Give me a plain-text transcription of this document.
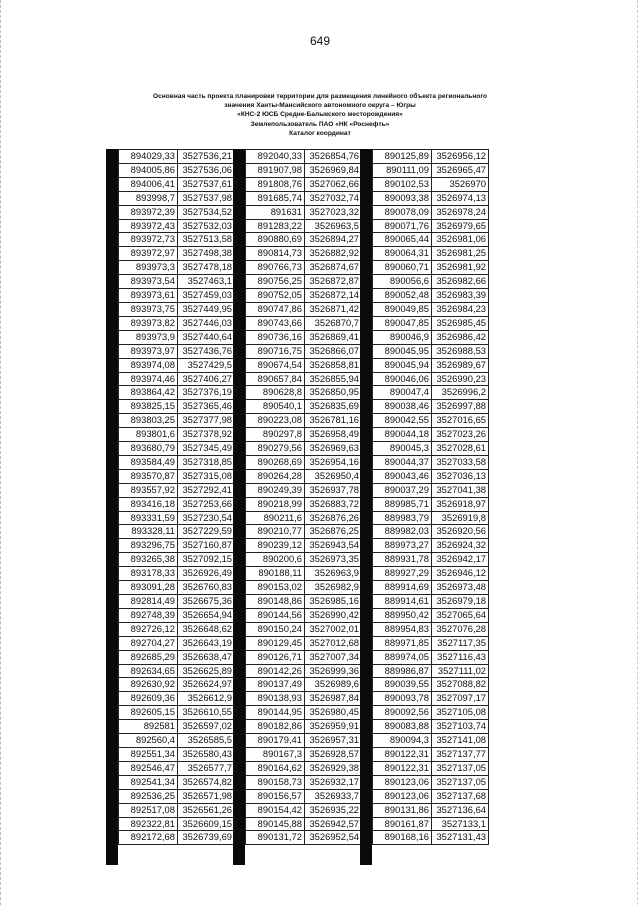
649
Основная часть проекта планировки территории для размещения линейного объекта регионального
значения Ханты-Мансийского автономного округа – Югры
«КНС-2 ЮСБ Средне-Балыкского месторождения»
Землепользователь ПАО «НК «Роснефть»
Каталог координат
894029,33	3527536,21
894005,86	3527536,06
894006,41	3527537,61
893998,7	3527537,98
893972,39	3527534,52
893972,43	3527532,03
893972,73	3527513,58
893972,97	3527498,38
893973,3	3527478,18
893973,54	3527463,1
893973,61	3527459,03
893973,75	3527449,95
893973,82	3527446,03
893973,9	3527440,64
893973,97	3527436,76
893974,08	3527429,5
893974,46	3527406,27
893864,42	3527376,19
893825,15	3527365,46
893803,25	3527377,98
893801,6	3527378,92
893680,79	3527345,49
893584,49	3527318,85
893570,87	3527315,08
893557,92	3527292,41
893416,18	3527253,66
893331,59	3527230,54
893328,11	3527229,59
893296,75	3527160,87
893265,38	3527092,15
893178,33	3526926,49
893091,28	3526760,83
892814,49	3526675,36
892748,39	3526654,94
892726,12	3526648,62
892704,27	3526643,19
892685,29	3526638,47
892634,65	3526625,89
892630,92	3526624,97
892609,36	3526612,9
892605,15	3526610,55
892581	3526597,02
892560,4	3526585,5
892551,34	3526580,43
892546,47	3526577,7
892541,34	3526574,82
892536,25	3526571,98
892517,08	3526561,26
892322,81	3526609,15
892172,68	3526739,69
892040,33	3526854,76
891907,98	3526969,84
891808,76	3527062,66
891685,74	3527032,74
891631	3527023,32
891283,22	3526963,5
890880,69	3526894,27
890814,73	3526882,92
890766,73	3526874,67
890756,25	3526872,87
890752,05	3526872,14
890747,86	3526871,42
890743,66	3526870,7
890736,16	3526869,41
890716,75	3526866,07
890674,54	3526858,81
890657,84	3526855,94
890628,8	3526850,95
890540,1	3526835,69
890223,08	3526781,16
890297,8	3526958,49
890279,56	3526969,63
890268,69	3526954,16
890264,28	3526950,4
890249,39	3526937,78
890218,99	3526883,72
890211,6	3526876,26
890210,77	3526876,25
890239,12	3526943,54
890200,6	3526973,35
890188,11	3526963,9
890153,02	3526982,9
890148,86	3526985,16
890144,56	3526990,42
890150,24	3527002,01
890129,45	3527012,68
890126,71	3527007,34
890142,26	3526999,36
890137,49	3526989,6
890138,93	3526987,84
890144,95	3526980,45
890182,86	3526959,91
890179,41	3526957,31
890167,3	3526928,57
890164,62	3526929,38
890158,73	3526932,17
890156,57	3526933,7
890154,42	3526935,22
890145,88	3526942,57
890131,72	3526952,54
890125,89	3526956,12
890111,09	3526965,47
890102,53	3526970
890093,38	3526974,13
890078,09	3526978,24
890071,76	3526979,65
890065,44	3526981,06
890064,31	3526981,25
890060,71	3526981,92
890056,6	3526982,66
890052,48	3526983,39
890049,85	3526984,23
890047,85	3526985,45
890046,9	3526986,42
890045,95	3526988,53
890045,94	3526989,67
890046,06	3526990,23
890047,4	3526996,2
890038,46	3526997,88
890042,55	3527016,65
890044,18	3527023,26
890045,3	3527028,61
890044,37	3527033,58
890043,46	3527036,13
890037,29	3527041,38
889985,71	3526918,97
889983,79	3526919,8
889982,03	3526920,56
889973,27	3526924,32
889931,78	3526942,17
889927,29	3526946,12
889914,69	3526973,48
889914,61	3526979,18
889950,42	3527065,64
889954,83	3527076,28
889971,85	3527117,35
889974,05	3527116,43
889986,87	3527111,02
890039,55	3527088,82
890093,78	3527097,17
890092,56	3527105,08
890083,88	3527103,74
890094,3	3527141,08
890122,31	3527137,77
890122,31	3527137,05
890123,06	3527137,05
890123,06	3527137,68
890131,86	3527136,64
890161,87	3527133,1
890168,16	3527131,43
